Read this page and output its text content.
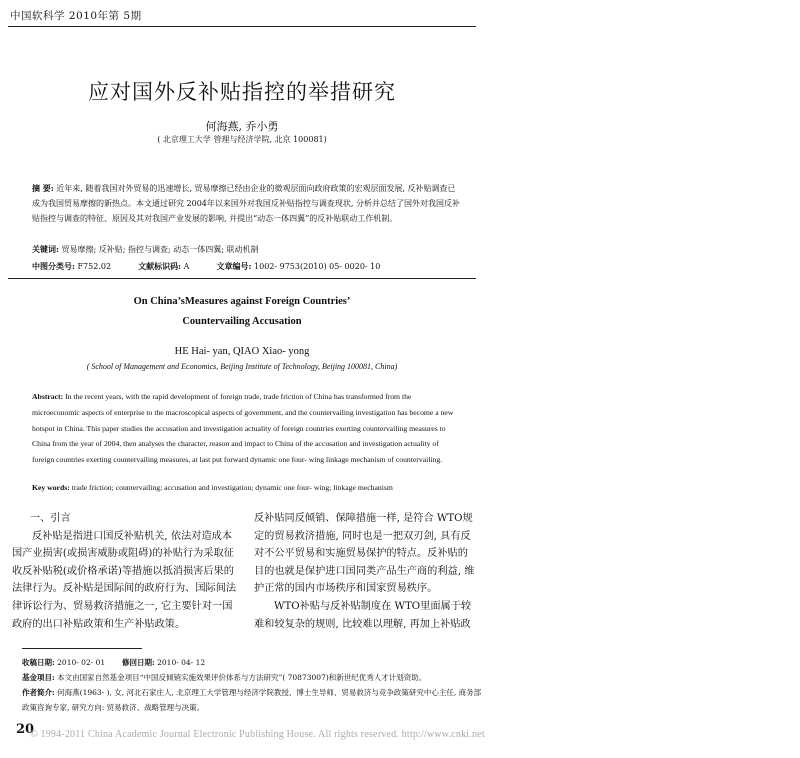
中国软科学 2010年第 5期
应对国外反补贴指控的举措研究
何海燕, 乔小勇
( 北京理工大学 管理与经济学院, 北京 100081)
摘 要: 近年来, 随着我国对外贸易的迅速增长, 贸易摩擦已经由企业的微观层面向政府政策的宏观层面发展, 反补贴调查已成为我国贸易摩擦的新热点。本文通过研究 2004年以来国外对我国反补贴指控与调查现状, 分析并总结了国外对我国反补贴指控与调查的特征、原因及其对我国产业发展的影响, 并提出“动态一体四翼”的反补贴联动工作机制。
关键词: 贸易摩擦; 反补贴; 指控与调查; 动态一体四翼; 联动机制
中图分类号: F752.02	文献标识码: A	文章编号: 1002- 9753(2010) 05- 0020- 10
On China’sMeasures against Foreign Countries’
Countervailing Accusation
HE Hai- yan, QIAO Xiao- yong
( School of Management and Economics, Beijing Institute of Technology, Beijing 100081, China)
Abstract: In the recent years, with the rapid development of foreign trade, trade friction of China has transformed from the microeconomic aspects of enterprise to the macroscopical aspects of government, and the countervailing investigation has become a new hotspot in China. This paper studies the accusation and investigation actuality of foreign countries exerting countervailing measures to China from the year of 2004, then analyses the character, reason and impact to China of the accusation and investigation actuality of foreign countries exerting countervailing measures, at last put forward dynamic one four- wing linkage mechanism of countervailing.
Key words: trade friction; countervailing; accusation and investigation; dynamic one four- wing; linkage mechanism

一、引言

反补贴是指进口国反补贴机关, 依法对造成本国产业损害(或损害威胁或阻碍)的补贴行为采取征收反补贴税(或价格承诺)等措施以抵消损害后果的法律行为。反补贴是国际间的政府行为、国际间法律诉讼行为、贸易救济措施之一, 它主要针对一国政府的出口补贴政策和生产补贴政策。

反补贴同反倾销、保障措施一样, 是符合 WTO规定的贸易救济措施, 同时也是一把双刃剑, 具有反对不公平贸易和实施贸易保护的特点。反补贴的目的也就是保护进口国同类产品生产商的利益, 维护正常的国内市场秩序和国家贸易秩序。

WTO补贴与反补贴制度在 WTO里面属于较难和较复杂的规则, 比较难以理解, 再加上补贴政

收稿日期: 2010- 02- 01 修回日期: 2010- 04- 12
基金项目: 本文由国家自然基金项目“中国反倾销实施效果评价体系与方法研究”( 70873007)和新世纪优秀人才计划资助。
作者简介: 何海燕(1963- ), 女, 河北石家庄人, 北京理工大学管理与经济学院教授、博士生导师、贸易救济与竞争政策研究中心主任, 商务部政策咨询专家, 研究方向: 贸易救济、战略管理与决策。
20
© 1994-2011 China Academic Journal Electronic Publishing House. All rights reserved. http://www.cnki.net
